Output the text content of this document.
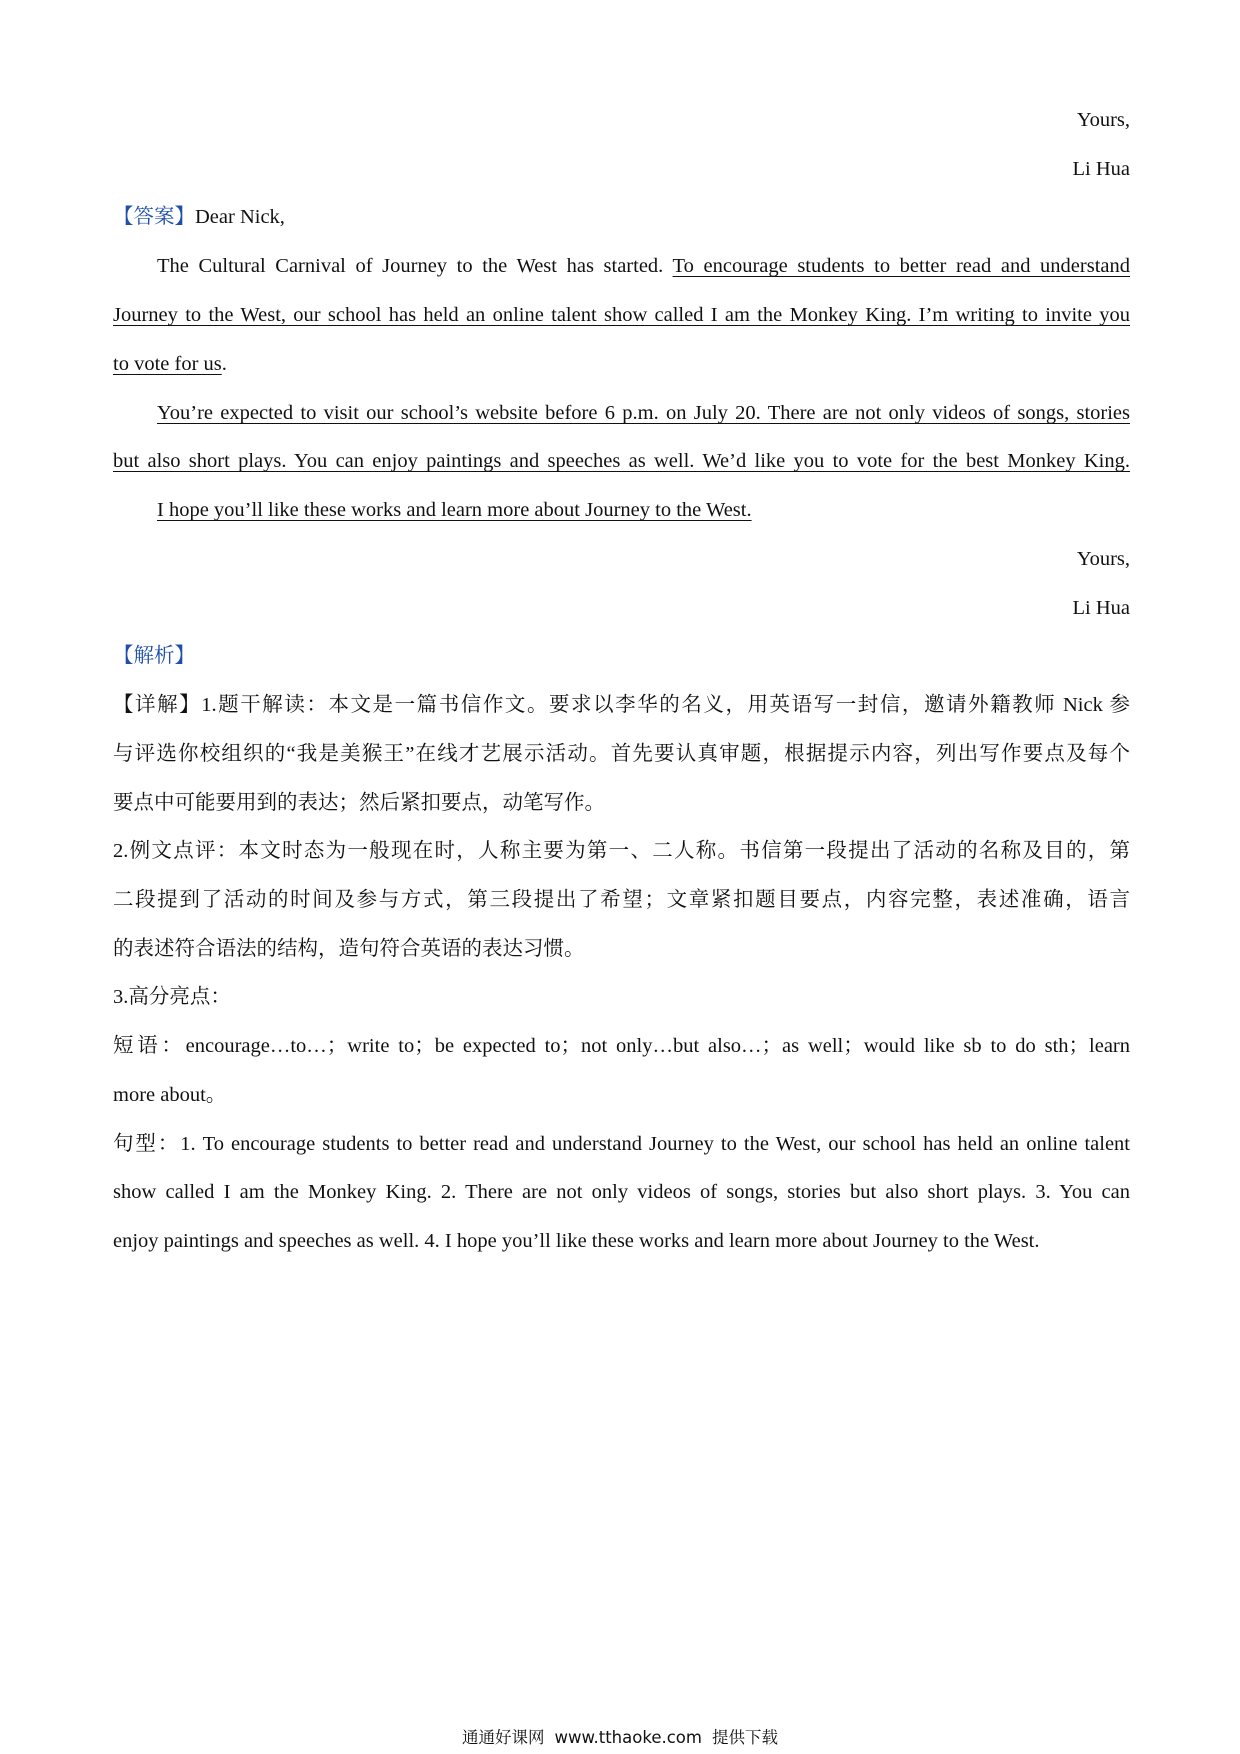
Yours,
Li Hua
【答案】Dear Nick,
The Cultural Carnival of Journey to the West has started. To encourage students to better read and understand
Journey to the West, our school has held an online talent show called I am the Monkey King. I’m writing to invite you
to vote for us.
You’re expected to visit our school’s website before 6 p.m. on July 20. There are not only videos of songs, stories
but also short plays. You can enjoy paintings and speeches as well. We’d like you to vote for the best Monkey King.
I hope you’ll like these works and learn more about Journey to the West.
Yours,
Li Hua
【解析】
【详解】1.题干解读：本文是一篇书信作文。要求以李华的名义，用英语写一封信，邀请外籍教师 Nick 参
与评选你校组织的“我是美猴王”在线才艺展示活动。首先要认真审题，根据提示内容，列出写作要点及每个
要点中可能要用到的表达；然后紧扣要点，动笔写作。
2.例文点评：本文时态为一般现在时，人称主要为第一、二人称。书信第一段提出了活动的名称及目的，第
二段提到了活动的时间及参与方式，第三段提出了希望；文章紧扣题目要点，内容完整，表述准确，语言
的表述符合语法的结构，造句符合英语的表达习惯。
3.高分亮点：
短语：encourage…to…；write to；be expected to；not only…but also…；as well；would like sb to do sth；learn
more about。
句型：1. To encourage students to better read and understand Journey to the West, our school has held an online talent
show called I am the Monkey King. 2. There are not only videos of songs, stories but also short plays. 3. You can
enjoy paintings and speeches as well. 4. I hope you’ll like these works and learn more about Journey to the West.
通通好课网 www.tthaoke.com 提供下载
